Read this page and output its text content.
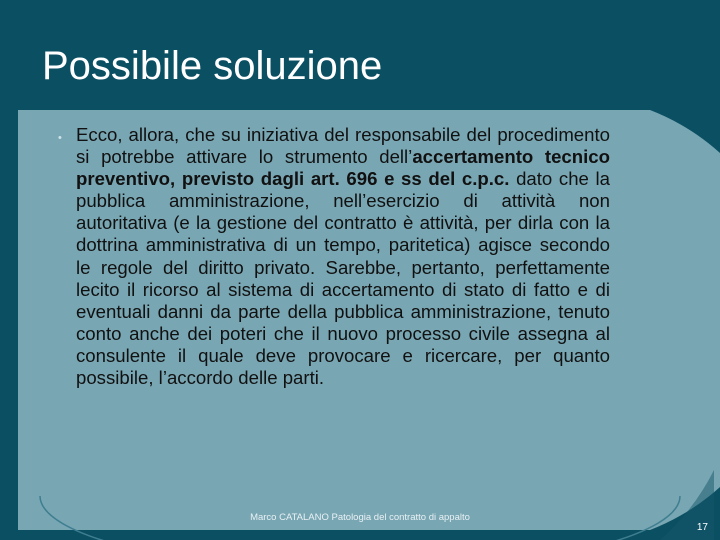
Possibile soluzione
• Ecco, allora, che su iniziativa del responsabile del procedimento si potrebbe attivare lo strumento dell’accertamento tecnico preventivo, previsto dagli art. 696 e ss del c.p.c. dato che la pubblica amministrazione, nell’esercizio di attività non autoritativa (e la gestione del contratto è attività, per dirla con la dottrina amministrativa di un tempo, paritetica) agisce secondo le regole del diritto privato. Sarebbe, pertanto, perfettamente lecito il ricorso al sistema di accertamento di stato di fatto e di eventuali danni da parte della pubblica amministrazione, tenuto conto anche dei poteri che il nuovo processo civile assegna al consulente il quale deve provocare e ricercare, per quanto possibile, l’accordo delle parti.
Marco CATALANO Patologia del contratto di appalto
17
